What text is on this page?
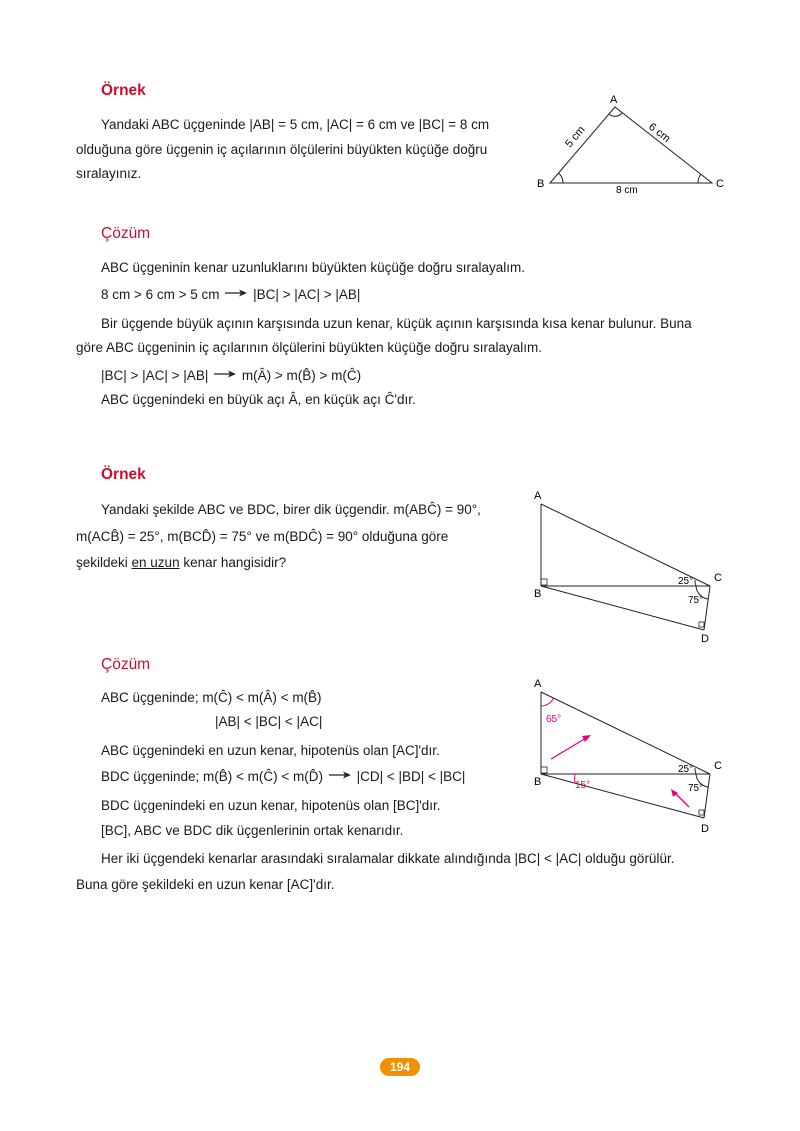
Örnek
Yandaki ABC üçgeninde |AB| = 5 cm, |AC| = 6 cm ve |BC| = 8 cm
olduğuna göre üçgenin iç açılarının ölçülerini büyükten küçüğe doğru
sıralayınız.
A
B	C
5 cm	6 cm
8 cm
Çözüm
ABC üçgeninin kenar uzunluklarını büyükten küçüğe doğru sıralayalım.
8 cm > 6 cm > 5 cm |BC| > |AC| > |AB|
Bir üçgende büyük açının karşısında uzun kenar, küçük açının karşısında kısa kenar bulunur. Buna
göre ABC üçgeninin iç açılarının ölçülerini büyükten küçüğe doğru sıralayalım.
|BC| > |AC| > |AB| m(Â) > m(B̂) > m(Ĉ)
ABC üçgenindeki en büyük açı Â, en küçük açı Ĉ'dır.
Örnek
Yandaki şekilde ABC ve BDC, birer dik üçgendir. m(ABĈ) = 90°,
m(ACB̂) = 25°, m(BCD̂) = 75° ve m(BDĈ) = 90° olduğuna göre
şekildeki en uzun kenar hangisidir?
A
B
C
D
25°
75°
Çözüm
ABC üçgeninde; m(Ĉ) < m(Â) < m(B̂)
|AB| < |BC| < |AC|
ABC üçgenindeki en uzun kenar, hipotenüs olan [AC]'dır.
BDC üçgeninde; m(B̂) < m(Ĉ) < m(D̂) |CD| < |BD| < |BC|
BDC üçgenindeki en uzun kenar, hipotenüs olan [BC]'dır.
[BC], ABC ve BDC dik üçgenlerinin ortak kenarıdır.
Her iki üçgendeki kenarlar arasındaki sıralamalar dikkate alındığında |BC| < |AC| olduğu görülür.
Buna göre şekildeki en uzun kenar [AC]'dır.
A
B
C
D
65°
15°
25°
75°
194
